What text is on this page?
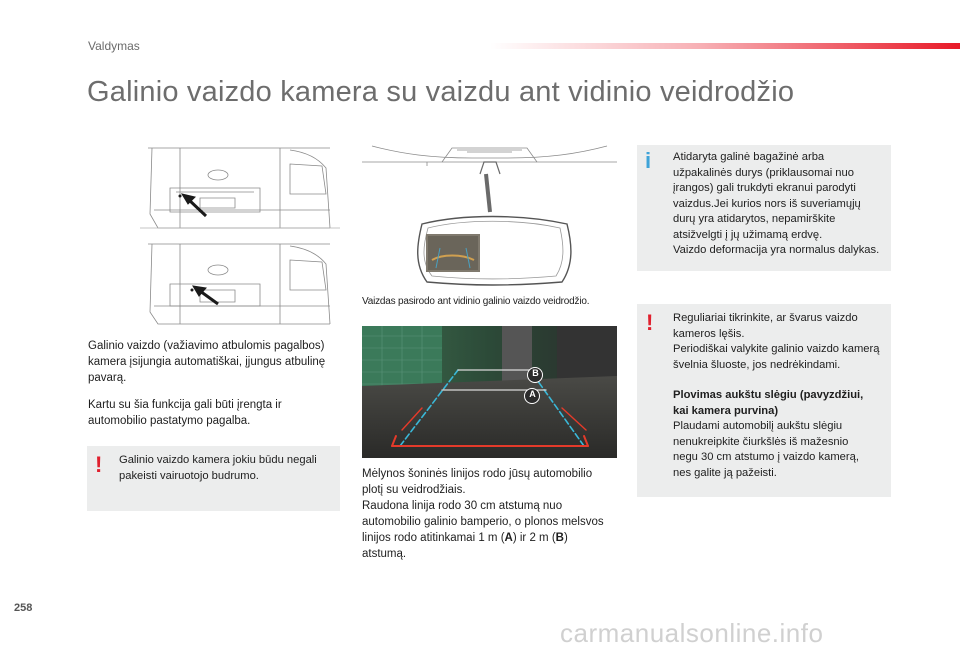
Valdymas
Galinio vaizdo kamera su vaizdu ant vidinio veidrodžio
Vaizdas pasirodo ant vidinio galinio vaizdo veidrodžio.
B
A
Galinio vaizdo (važiavimo atbulomis pagalbos)
kamera įsijungia automatiškai, įjungus atbulinę
pavarą.
Kartu su šia funkcija gali būti įrengta ir
automobilio pastatymo pagalba.
! Galinio vaizdo kamera jokiu būdu negali
pakeisti vairuotojo budrumo.	Mėlynos šoninės linijos rodo jūsų automobilio
plotį su veidrodžiais.
Raudona linija rodo 30 cm atstumą nuo
automobilio galinio bamperio, o plonos melsvos
linijos rodo atitinkamai 1 m (A) ir 2 m (B)
atstumą.
i Atidaryta galinė bagažinė arba
užpakalinės durys (priklausomai nuo
įrangos) gali trukdyti ekranui parodyti
vaizdus.Jei kurios nors iš suveriamųjų
durų yra atidarytos, nepamirškite
atsižvelgti į jų užimamą erdvę.
Vaizdo deformacija yra normalus dalykas.
! Reguliariai tikrinkite, ar švarus vaizdo
kameros lęšis.
Periodiškai valykite galinio vaizdo kamerą
švelnia šluoste, jos nedrėkindami.
Plovimas aukštu slėgiu (pavyzdžiui,
kai kamera purvina)
Plaudami automobilį aukštu slėgiu
nenukreipkite čiurkšlės iš mažesnio
negu 30 cm atstumo į vaizdo kamerą,
nes galite ją pažeisti.
258
carmanualsonline.info
